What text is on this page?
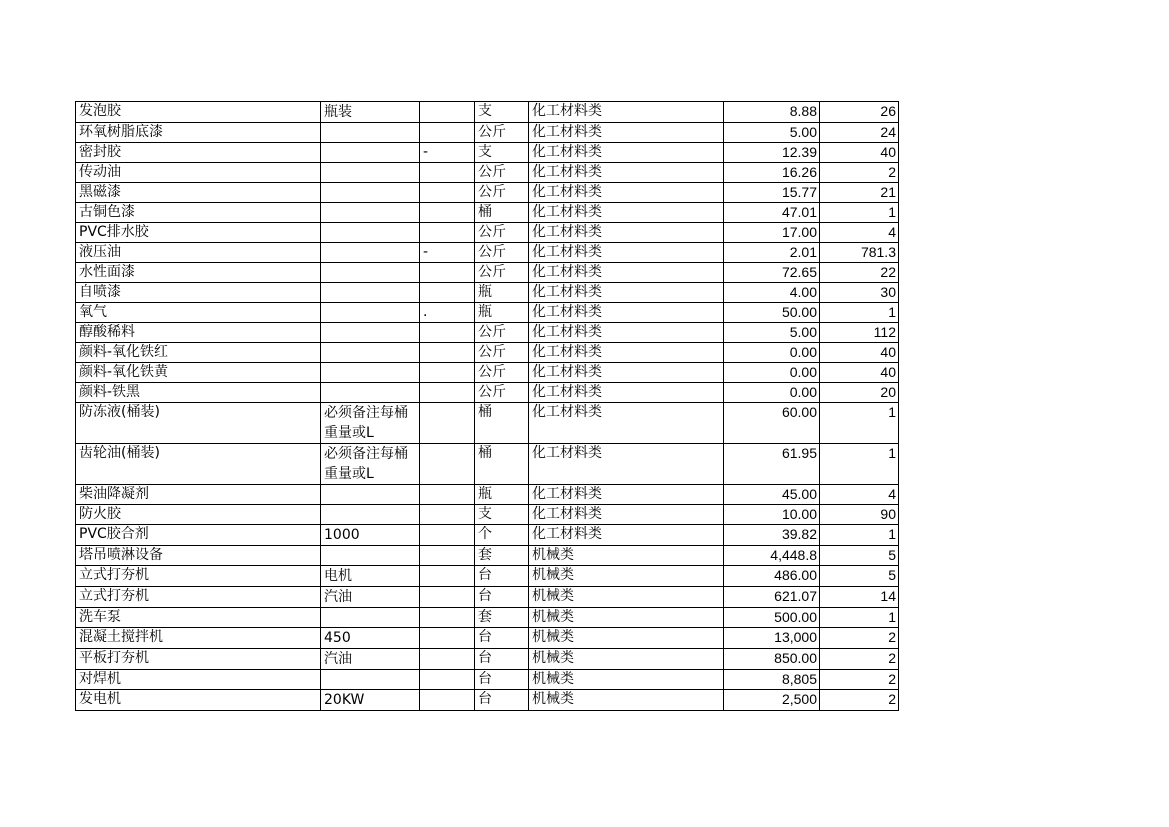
发泡胶	瓶装		支	化工材料类	8.88	26
环氧树脂底漆			公斤	化工材料类	5.00	24
密封胶		-	支	化工材料类	12.39	40
传动油			公斤	化工材料类	16.26	2
黑磁漆			公斤	化工材料类	15.77	21
古铜色漆			桶	化工材料类	47.01	1
PVC排水胶			公斤	化工材料类	17.00	4
液压油		-	公斤	化工材料类	2.01	781.3
水性面漆			公斤	化工材料类	72.65	22
自喷漆			瓶	化工材料类	4.00	30
氧气		.	瓶	化工材料类	50.00	1
醇酸稀料			公斤	化工材料类	5.00	112
颜料-氧化铁红			公斤	化工材料类	0.00	40
颜料-氧化铁黄			公斤	化工材料类	0.00	40
颜料-铁黑			公斤	化工材料类	0.00	20
防冻液(桶装)	必须备注每桶重量或L		桶	化工材料类	60.00	1
齿轮油(桶装)	必须备注每桶重量或L		桶	化工材料类	61.95	1
柴油降凝剂			瓶	化工材料类	45.00	4
防火胶			支	化工材料类	10.00	90
PVC胶合剂	1000		个	化工材料类	39.82	1
塔吊喷淋设备			套	机械类	4,448.8	5
立式打夯机	电机		台	机械类	486.00	5
立式打夯机	汽油		台	机械类	621.07	14
洗车泵			套	机械类	500.00	1
混凝土搅拌机	450		台	机械类	13,000	2
平板打夯机	汽油		台	机械类	850.00	2
对焊机			台	机械类	8,805	2
发电机	20KW		台	机械类	2,500	2
